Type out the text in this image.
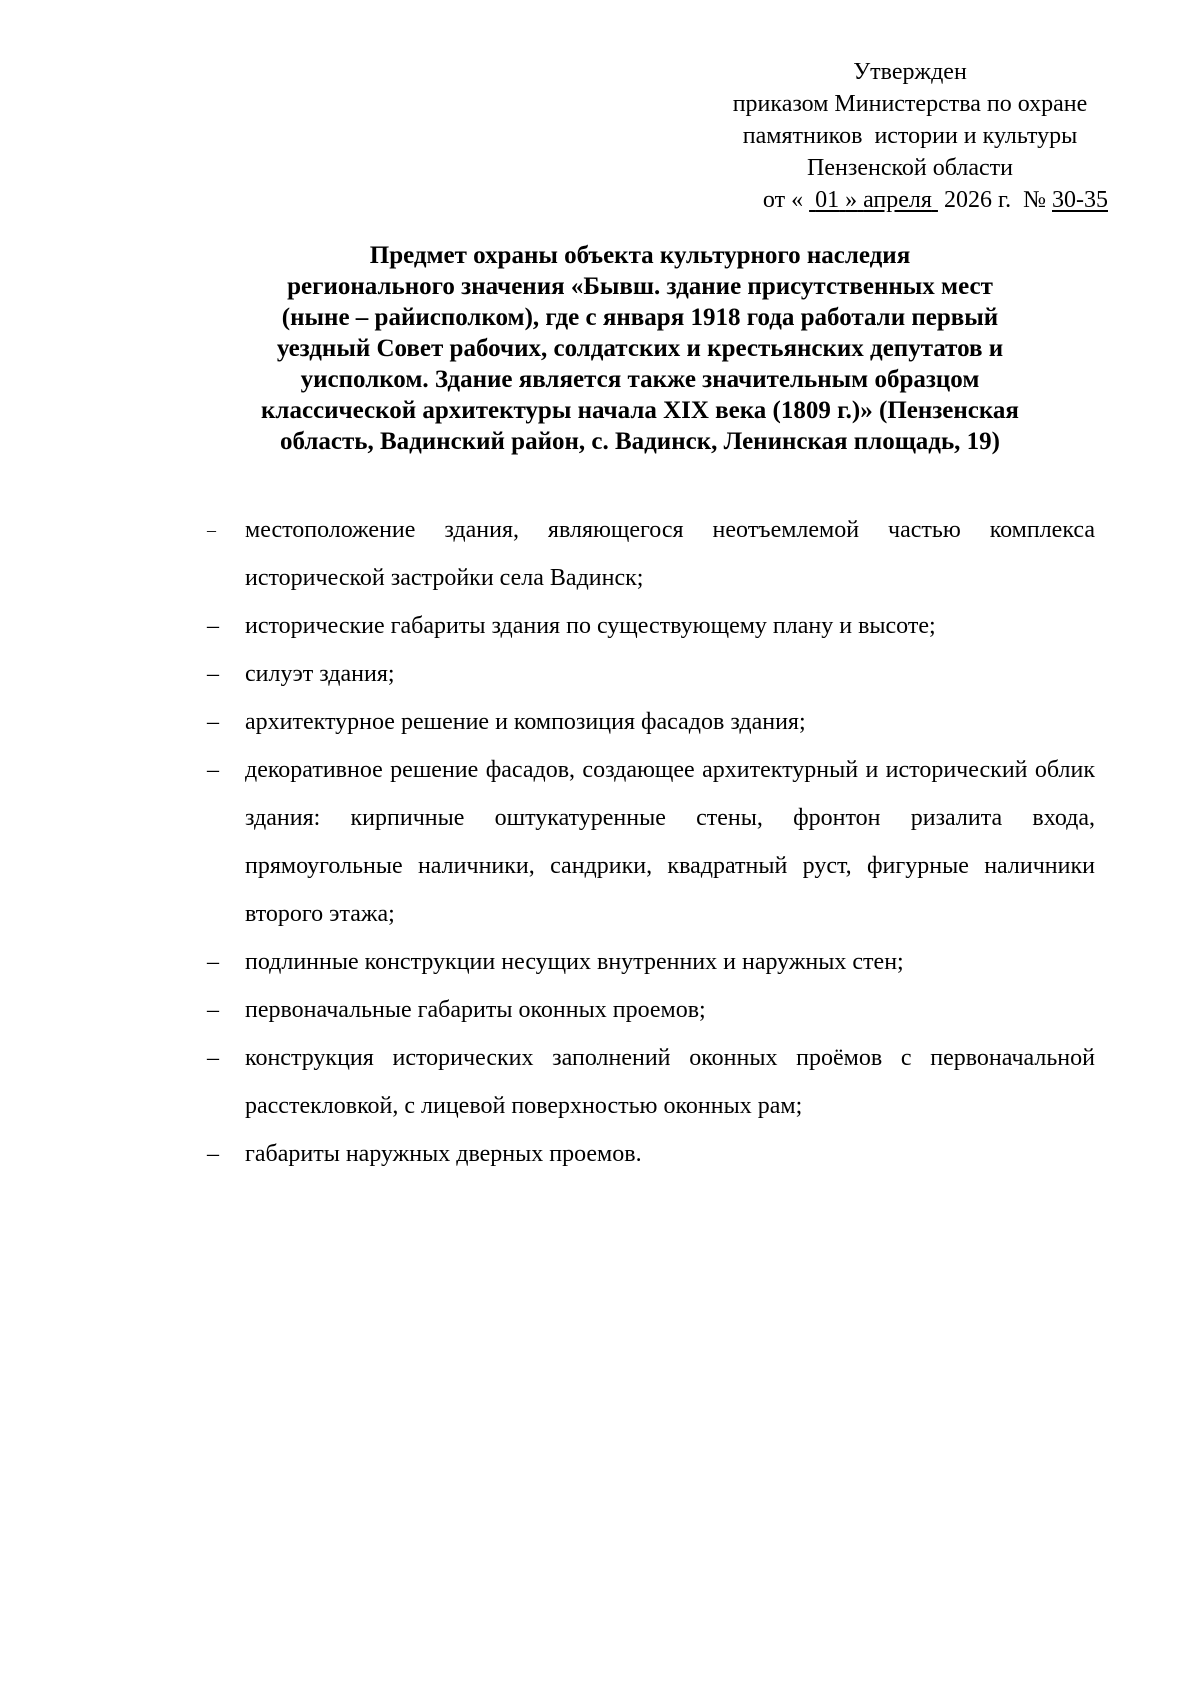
Утвержден
приказом Министерства по охране
памятников  истории и культуры
Пензенской области
от « 01 » апреля 2026 г. № 30-35
Предмет охраны объекта культурного наследия
регионального значения «Бывш. здание присутственных мест
(ныне – райисполком), где с января 1918 года работали первый
уездный Совет рабочих, солдатских и крестьянских депутатов и
уисполком. Здание является также значительным образцом
классической архитектуры начала XIX века (1809 г.)» (Пензенская
область, Вадинский район, с. Вадинск, Ленинская площадь, 19)
–	местоположение здания, являющегося неотъемлемой частью комплекса исторической застройки села Вадинск;
–	исторические габариты здания по существующему плану и высоте;
–	силуэт здания;
–	архитектурное решение и композиция фасадов здания;
–	декоративное решение фасадов, создающее архитектурный и исторический облик здания: кирпичные оштукатуренные стены, фронтон ризалита входа, прямоугольные наличники, сандрики, квадратный руст, фигурные наличники второго этажа;
–	подлинные конструкции несущих внутренних и наружных стен;
–	первоначальные габариты оконных проемов;
–	конструкция исторических заполнений оконных проёмов с первоначальной расстекловкой, с лицевой поверхностью оконных рам;
–	габариты наружных дверных проемов.
